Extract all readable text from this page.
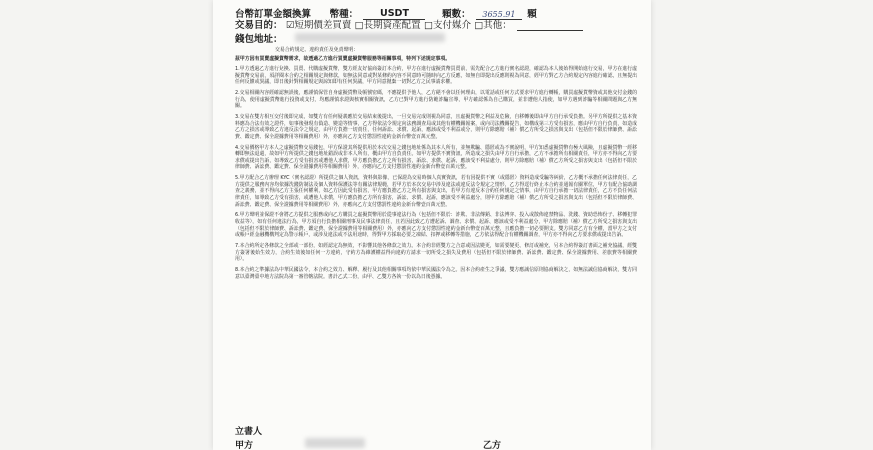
台幣訂單金額換算 幣種： USDT	顆數： 3655.91 顆
交易目的： ☑短期價差買賣 □長期資產配置 □支付媒介 □其他：
錢包地址：

交易合約規定、違約責任及免責聲明：

茲甲方因有買賣虛擬貨幣需求，故透過乙方進行買賣虛擬貨幣服務等相關事項，特列下述規定事項。

1.甲方透過乙方進行兌換、買賣、代購虛擬貨幣，雙方經友好協商簽訂本合約，甲方在進行虛擬貨幣買賣前，需先配合乙方進行實名認證，確認為本人後始得開始進行交易，甲方在進行虛擬貨幣交易前，須詳閱本合約之相關規定與條款，如無法同意或對某條約內容不同意時可隨時向乙方反應，如無自即提出反應則視為同意，經甲方對乙方合約規定內容進行確認，且無提出任何反饋或異議，即日後針對相關規定與諒知即有任何異議，甲方同意拋棄一切對乙方之民事請求權。

2.交易相關內容經確認無誤後，應謹慎保管自身虛擬貨幣及帳號密碼，不應提供予他人，乙方絕不會以任何理由，以電話或任何方式要求甲方進行轉帳，購買虛擬貨幣資或其他交付金錢的行為，使用虛擬貨幣進行投資或支付，均應謹慎求證與核實相關資訊，乙方已對甲方進行防範詐騙宣導，甲方確認係為自己購買，並非遭他人指使，如甲方遇到詐騙等相關問題與乙方無關。

3.交易在雙方相互交付後即完成，如雙方有任何疑義應於交易結束後提出，一旦交易完成則視為同意，且虛擬貨幣之利益及危險，自移轉後即由甲方自行承受負擔。另甲方所提供之基本資料應為合法有效之證件，如事後發現有偽造、變造等情事，乙方得依法令規定向法務調查局或其他有權機關報案，或向司法機關提告，如構成第三方受有損害，應由甲方自行負責，如造成乙方之損害或導致乙方違反法令之規定，由甲方負擔一切責任，任何訴訟、求償、起訴，應該或受不利益或分，則甲方除應賠（補）償乙方所受之損害與支出（包括但不限於律師費、訴訟費、鑑定費、保全證據費用等相關費用）外，亦應向乙方支付懲罰性違約金新台幣壹百萬元整。

4.交易價格甲方本人之虛擬貨幣交易錢包，甲方保證其所提供用於本次交易之錢包地址係為其本人所有，並無欺騙、隱匿或為不實說明，甲方知悉虛擬貨幣有極大風險，且虛擬貨幣一經移轉即無法退還，故如甲方所提供之錢包地址錯誤或非本人所有，概由甲方自負責任。如甲方提供不實資訊，所造成之損失由甲方自行承擔，乙方不承擔所有相關責任，甲方亦不得向乙方要求償或提出告訴，如導致乙方受有損害或遭他人求償，甲方應負擔乙方之所有損害，訴訟、求償、起訴，應該受不利益處分，則甲方除應賠（補）償乙方所受之損害與支出（包括但不限於律師費、訴訟費、鑑定費、保全證據費用等相關費用）外，亦應向乙方支付懲罰性違約金新台幣壹百萬元整。

5.甲方配合乙方辦理 KYC（實名認證）所提供之個人資訊，資料與影像，已保證為交易時個人真實資訊，若有因提供不實（或隱匿）資料造成受騙等糾紛，乙方概不承擔任何法律責任，乙方提供之服務內容均依據洗錢防制法及個人資料保護法等有關法律規範，若甲方於本次交易中涉及違法或違反法令規定之情形，乙方得逕行終止本合約並通報有關單位，甲方有配合協助調查之義務，並不得向乙方主張任何權利，如乙方因此受有損害，甲方應負擔乙方之所有損害與支出，若甲方有違反本合約任何規定之情事，由甲方自行承擔一切法律責任，乙方不負任何法律責任，如導致乙方受有損害，或遭他人求償，甲方應負擔乙方所有損害，訴訟、求償、起訴，應該受不利益處分，則甲方除應賠（補）償乙方所受之損害與支出（包括但不限於律師費、訴訟費、鑑定費、保全證據費用等相關費用）外，亦應向乙方支付懲罰性違約金新台幣壹百萬元整。

6.甲方聲明並保證不會將乙方提供之服務或向乙方購買之虛擬貨幣用於從事違法行為（包括但不限於：詐欺、非法傳銷、非法博弈、投入或散佈違禁物品、洗錢、資助恐怖份子、移轉犯罪收益等），如有任何違法行為，甲方須自行負擔相關刑事及民事法律責任，且若因此致乙方遭起訴、調查、求償、起訴、應該或受不利益處分，甲方除應賠（補）償乙方所受之損害與支出（包括但不限於律師費、訴訟費、鑑定費、保全證據費用等相關費用）外，亦應向乙方支付懲罰性違約金新台幣壹百萬元整，且應負擔一切必要開支。雙方同意乙方有全權，當甲方之支付或帳戶經金融機構判定為警示帳戶，或涉及違法或不法用途時，得對甲方採取必要之凍結、扣押或移轉等措施，乙方依法得配合有權機關調查，甲方亦不得向乙方要求償或提出告訴。

7.本合約所定各條款之全部或一部份，如經認定為無效，不影響其他各條款之效力。本合約非經雙方之合意或因法變更，如需要變更、修訂或補充，另本合約得簽訂書面之補充協議，經雙方簽署後始生效力，合約生效後如任何一方違約，守約方為維護權益得向違約方請求一切所受之損失及費用（包括但不限於律師費、訴訟費、鑑定費、保全證據費用、差旅費等相關費用）。

8.本合約之準據法為中華民國法令，本合約之效力、解釋、履行及其他相關事項均依中華民國法令為之。因本合約產生之爭議，雙方應誠信原則協商解決之，如無法誠信協商解決，雙方同意以臺灣臺中地方法院為第一審管轄法院。書計乙式二份，由甲、乙雙方各執一份以為日後憑據。

立書人
甲方	乙方
